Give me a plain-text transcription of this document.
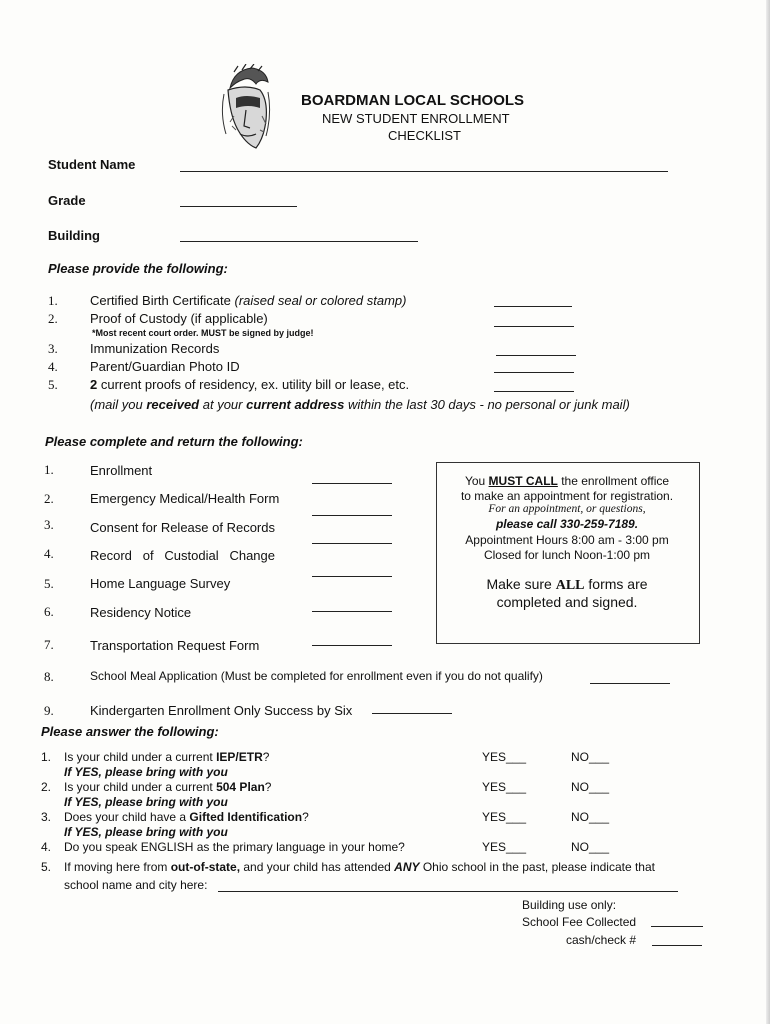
BOARDMAN LOCAL SCHOOLS
NEW STUDENT ENROLLMENT
CHECKLIST
Student Name
Grade
Building
Please provide the following:
1. Certified Birth Certificate (raised seal or colored stamp)
2. Proof of Custody (if applicable)
*Most recent court order. MUST be signed by judge!
3. Immunization Records
4. Parent/Guardian Photo ID
5. 2 current proofs of residency, ex. utility bill or lease, etc.
(mail you received at your current address within the last 30 days - no personal or junk mail)
Please complete and return the following:
1.	Enrollment
2.	Emergency Medical/Health Form
3.	Consent for Release of Records
4.	Record   of   Custodial   Change
5.	Home Language Survey
6.	Residency Notice
7.	Transportation Request Form
8.	School Meal Application (Must be completed for enrollment even if you do not qualify)
9.	Kindergarten Enrollment Only Success by Six
You MUST CALL the enrollment office
to make an appointment for registration.
For an appointment, or questions,
please call 330-259-7189.
Appointment Hours 8:00 am - 3:00 pm
Closed for lunch Noon-1:00 pm
Make sure ALL forms are
completed and signed.
Please answer the following:
1. Is your child under a current IEP/ETR?	YES___	NO___
If YES, please bring with you
2. Is your child under a current 504 Plan?	YES___	NO___
If YES, please bring with you
3. Does your child have a Gifted Identification?	YES___	NO___
If YES, please bring with you
4. Do you speak ENGLISH as the primary language in your home?	YES___	NO___
5. If moving here from out-of-state, and your child has attended ANY Ohio school in the past, please indicate that
school name and city here:
Building use only:
School Fee Collected
cash/check #
